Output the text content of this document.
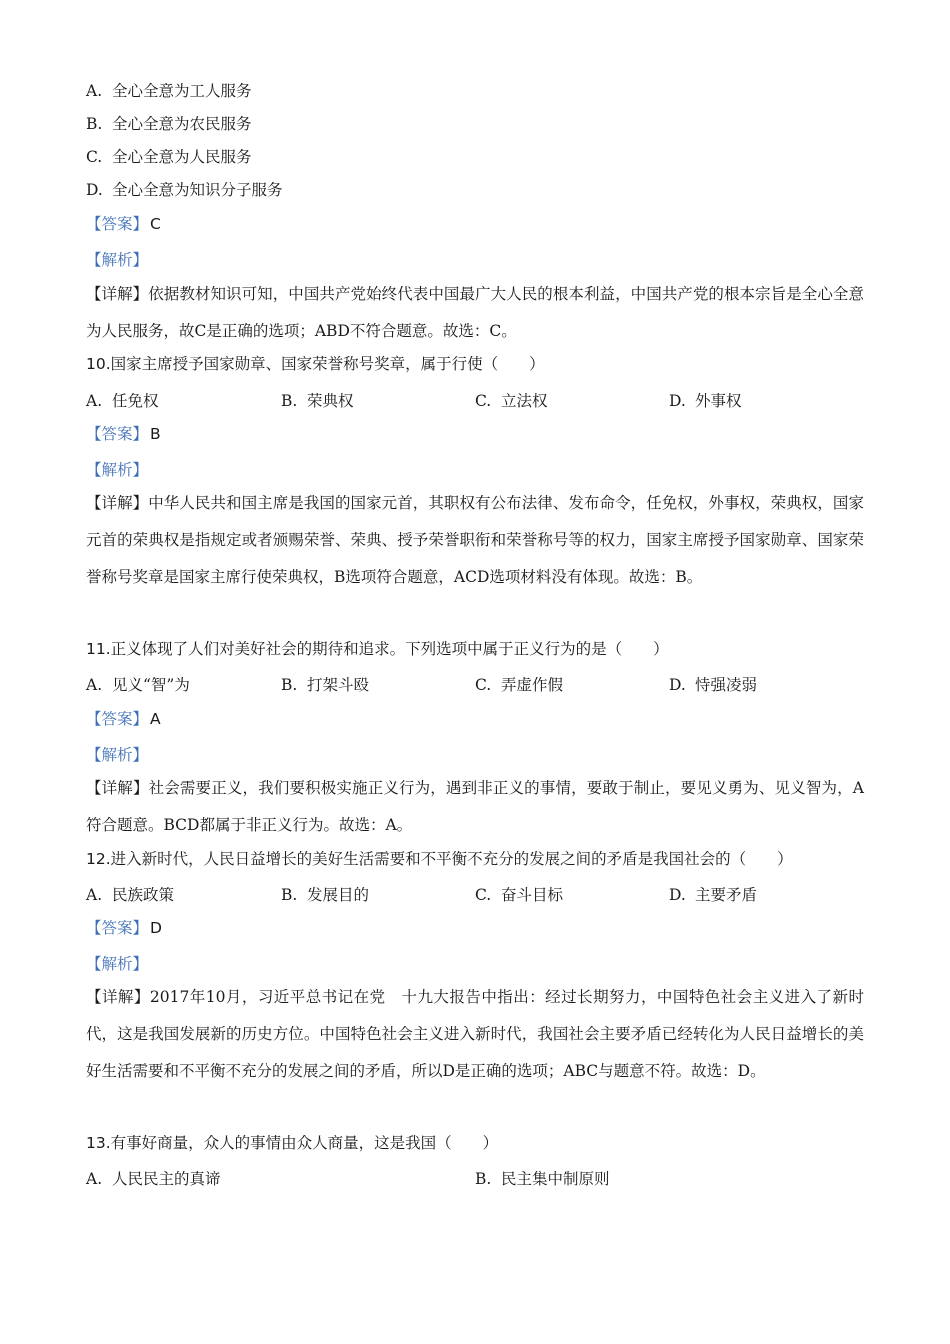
A. 全心全意为工人服务
B. 全心全意为农民服务
C. 全心全意为人民服务
D. 全心全意为知识分子服务
【答案】 C
【解析】
【详解】依据教材知识可知，中国共产党始终代表中国最广大人民的根本利益，中国共产党的根本宗旨是全心全意为人民服务，故C是正确的选项；ABD不符合题意。故选：C。
10.国家主席授予国家勋章、国家荣誉称号奖章，属于行使（　　）
A. 任免权	B. 荣典权	C. 立法权	D. 外事权
【答案】 B
【解析】
【详解】中华人民共和国主席是我国的国家元首，其职权有公布法律、发布命令，任免权，外事权，荣典权，国家元首的荣典权是指规定或者颁赐荣誉、荣典、授予荣誉职衔和荣誉称号等的权力，国家主席授予国家勋章、国家荣誉称号奖章是国家主席行使荣典权，B选项符合题意，ACD选项材料没有体现。故选：B。
11.正义体现了人们对美好社会的期待和追求。下列选项中属于正义行为的是（　　）
A. 见义“智”为	B. 打架斗殴	C. 弄虚作假	D. 恃强凌弱
【答案】 A
【解析】
【详解】社会需要正义，我们要积极实施正义行为，遇到非正义的事情，要敢于制止，要见义勇为、见义智为，A符合题意。BCD都属于非正义行为。故选：A。
12.进入新时代，人民日益增长的美好生活需要和不平衡不充分的发展之间的矛盾是我国社会的（　　）
A. 民族政策	B. 发展目的	C. 奋斗目标	D. 主要矛盾
【答案】 D
【解析】
【详解】2017年10月，习近平总书记在党　十九大报告中指出：经过长期努力，中国特色社会主义进入了新时代，这是我国发展新的历史方位。中国特色社会主义进入新时代，我国社会主要矛盾已经转化为人民日益增长的美好生活需要和不平衡不充分的发展之间的矛盾，所以D是正确的选项；ABC与题意不符。故选：D。
13.有事好商量，众人的事情由众人商量，这是我国（　　）
A. 人民民主的真谛	B. 民主集中制原则
